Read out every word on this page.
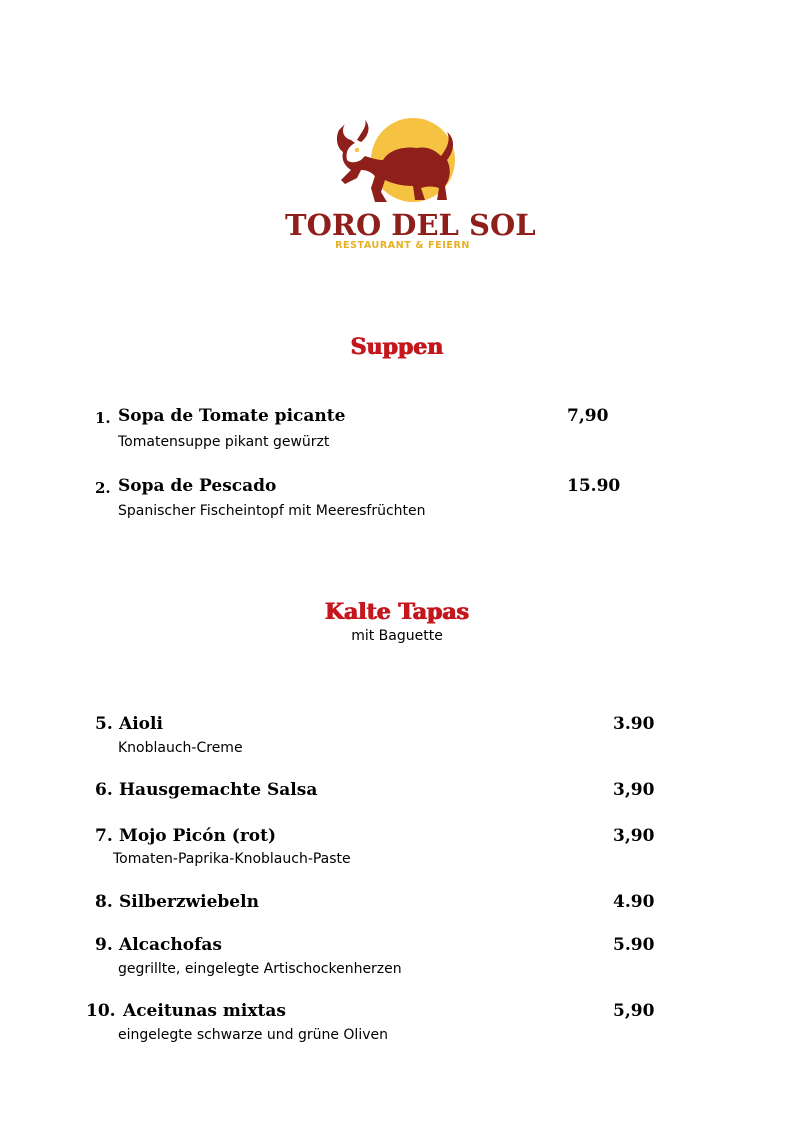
TORO DEL SOL
RESTAURANT & FEIERN
Suppen
1. Sopa de Tomate picante	7,90
Tomatensuppe pikant gewürzt
2. Sopa de Pescado	15.90
Spanischer Fischeintopf mit Meeresfrüchten
Kalte Tapas
mit Baguette
5. Aioli	3.90
Knoblauch-Creme
6. Hausgemachte Salsa	3,90
7. Mojo Picón (rot)	3,90
Tomaten-Paprika-Knoblauch-Paste
8. Silberzwiebeln	4.90
9. Alcachofas	5.90
gegrillte, eingelegte Artischockenherzen
10. Aceitunas mixtas	5,90
eingelegte schwarze und grüne Oliven
